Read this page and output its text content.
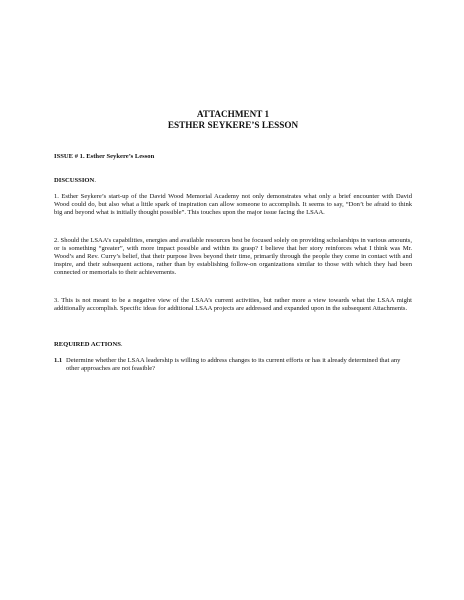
ATTACHMENT 1
ESTHER SEYKERE’S LESSON
ISSUE # 1. Esther Seykere’s Lesson
DISCUSSION.
1. Esther Seykere’s start-up of the David Wood Memorial Academy not only demonstrates what only a brief encounter with David Wood could do, but also what a little spark of inspiration can allow someone to accomplish. It seems to say, “Don’t be afraid to think big and beyond what is initially thought possible”. This touches upon the major issue facing the LSAA.
2. Should the LSAA’s capabilities, energies and available resources best be focused solely on providing scholarships in various amounts, or is something “greater”, with more impact possible and within its grasp? I believe that her story reinforces what I think was Mr. Wood’s and Rev. Curry’s belief, that their purpose lives beyond their time, primarily through the people they come in contact with and inspire, and their subsequent actions, rather than by establishing follow-on organizations similar to those with which they had been connected or memorials to their achievements.
3. This is not meant to be a negative view of the LSAA’s current activities, but rather more a view towards what the LSAA might additionally accomplish. Specific ideas for additional LSAA projects are addressed and expanded upon in the subsequent Attachments.
REQUIRED ACTIONS.
1.1 Determine whether the LSAA leadership is willing to address changes to its current efforts or has it already determined that any other approaches are not feasible?
